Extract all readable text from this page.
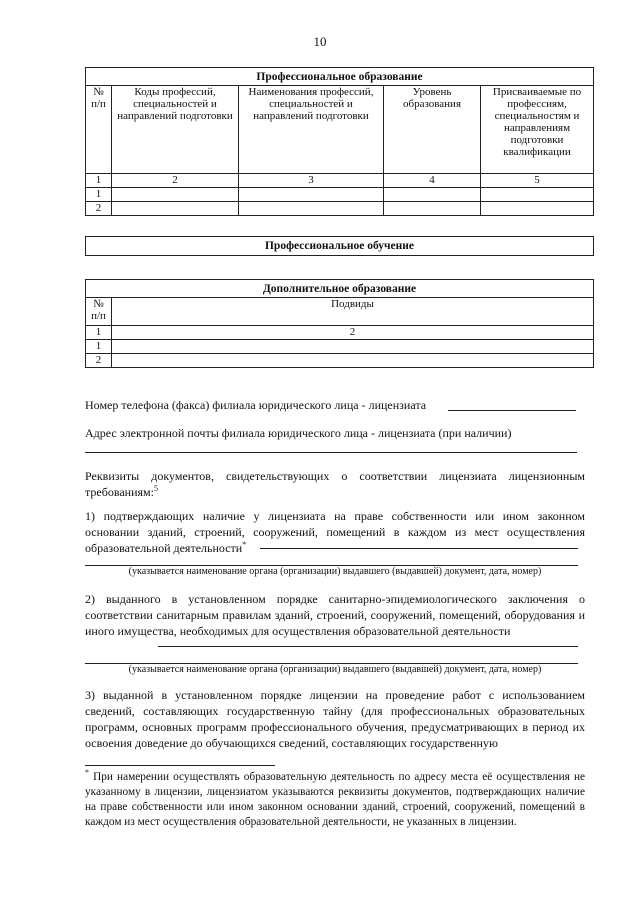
10
Профессиональное образование				
№ п/п	Коды профессий, специальностей и направлений подготовки	Наименования профессий, специальностей и направлений подготовки	Уровень образования	Присваиваемые по профессиям, специальностям и направлениям подготовки квалификации
1	2	3	4	5
1				
2				
Профессиональное обучение
Дополнительное образование	
№ п/п	Подвиды
1	2
1	
2	
Номер телефона (факса) филиала юридического лица - лицензиата
Адрес электронной почты филиала юридического лица - лицензиата (при наличии)
Реквизиты документов, свидетельствующих о соответствии лицензиата лицензионным требованиям:$^5$
1) подтверждающих наличие у лицензиата на праве собственности или ином законном основании зданий, строений, сооружений, помещений в каждом из мест осуществления образовательной деятельности*
(указывается наименование органа (организации) выдавшего (выдавшей) документ, дата, номер)
2) выданного в установленном порядке санитарно-эпидемиологического заключения о соответствии санитарным правилам зданий, строений, сооружений, помещений, оборудования и иного имущества, необходимых для осуществления образовательной деятельности
(указывается наименование органа (организации) выдавшего (выдавшей) документ, дата, номер)
3) выданной в установленном порядке лицензии на проведение работ с использованием сведений, составляющих государственную тайну (для профессиональных образовательных программ, основных программ профессионального обучения, предусматривающих в период их освоения доведение до обучающихся сведений, составляющих государственную
* При намерении осуществлять образовательную деятельность по адресу места её осуществления не указанному в лицензии, лицензиатом указываются реквизиты документов, подтверждающих наличие на праве собственности или ином законном основании зданий, строений, сооружений, помещений в каждом из мест осуществления образовательной деятельности, не указанных в лицензии.
